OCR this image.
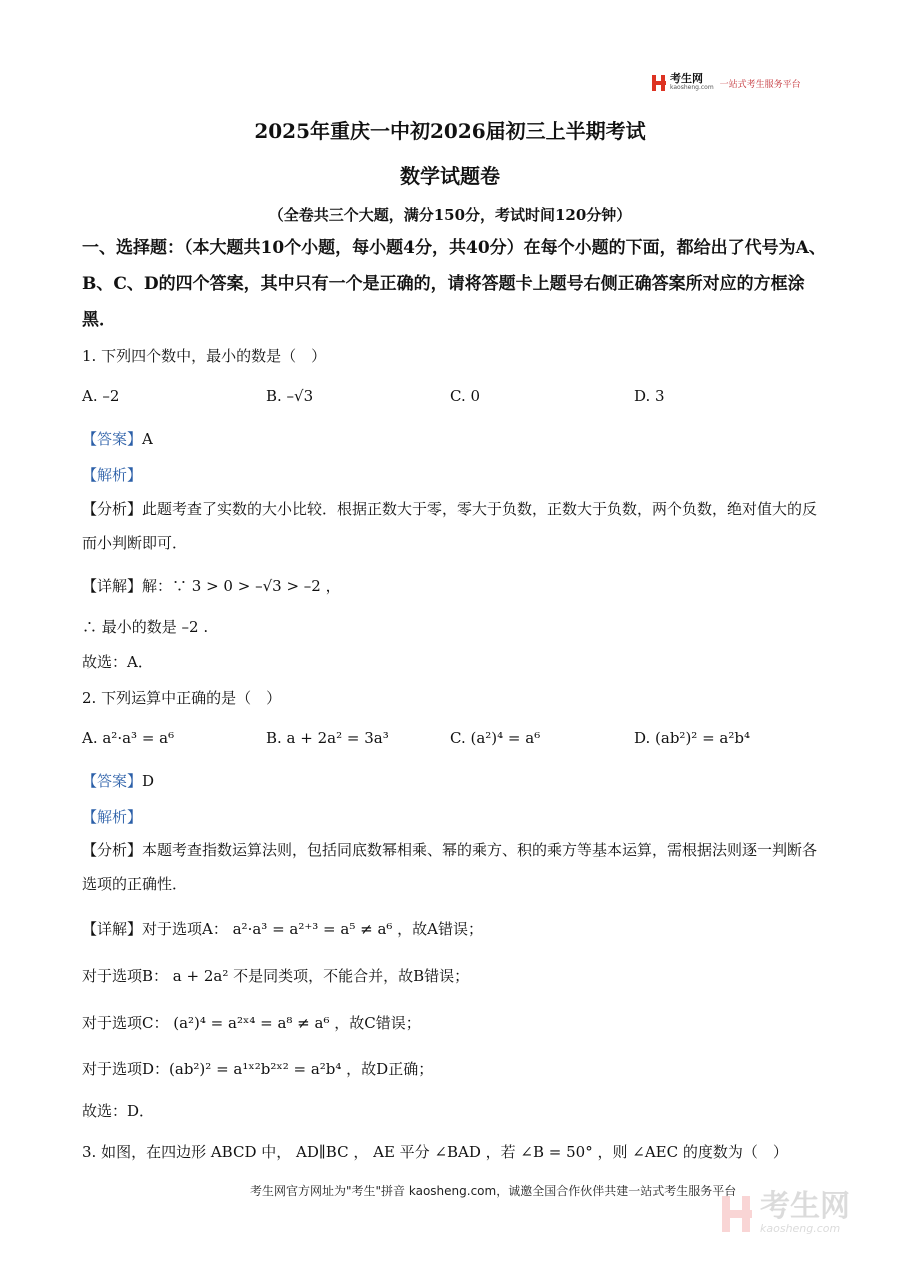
考生网
kaosheng.com 一站式考生服务平台
2025年重庆一中初2026届初三上半期考试
数学试题卷
（全卷共三个大题，满分150分，考试时间120分钟）
一、选择题：（本大题共10个小题，每小题4分，共40分）在每个小题的下面，都给出了代号为A、B、C、D的四个答案，其中只有一个是正确的，请将答题卡上题号右侧正确答案所对应的方框涂黑．
1. 下列四个数中，最小的数是（　）
A. –2	B. –√3	C. 0	D. 3
【答案】A
【解析】
【分析】此题考查了实数的大小比较．根据正数大于零，零大于负数，正数大于负数，两个负数，绝对值大的反而小判断即可．
【详解】解：∵ 3 > 0 > –√3 > –2 ，
∴ 最小的数是 –2 .
故选：A．
2. 下列运算中正确的是（　）
A. a²·a³ = a⁶	B. a + 2a² = 3a³	C. (a²)⁴ = a⁶	D. (ab²)² = a²b⁴
【答案】D
【解析】
【分析】本题考查指数运算法则，包括同底数幂相乘、幂的乘方、积的乘方等基本运算，需根据法则逐一判断各选项的正确性．
【详解】对于选项A： a²·a³ = a²⁺³ = a⁵ ≠ a⁶ ，故A错误；
对于选项B： a + 2a² 不是同类项，不能合并，故B错误；
对于选项C： (a²)⁴ = a²ˣ⁴ = a⁸ ≠ a⁶ ，故C错误；
对于选项D：(ab²)² = a¹ˣ²b²ˣ² = a²b⁴ ，故D正确；
故选：D．
3. 如图，在四边形 ABCD 中， AD∥BC ， AE 平分 ∠BAD ，若 ∠B = 50° ，则 ∠AEC 的度数为（　）
考生网官方网址为"考生"拼音 kaosheng.com，诚邀全国合作伙伴共建一站式考生服务平台 考生网
kaosheng.com
